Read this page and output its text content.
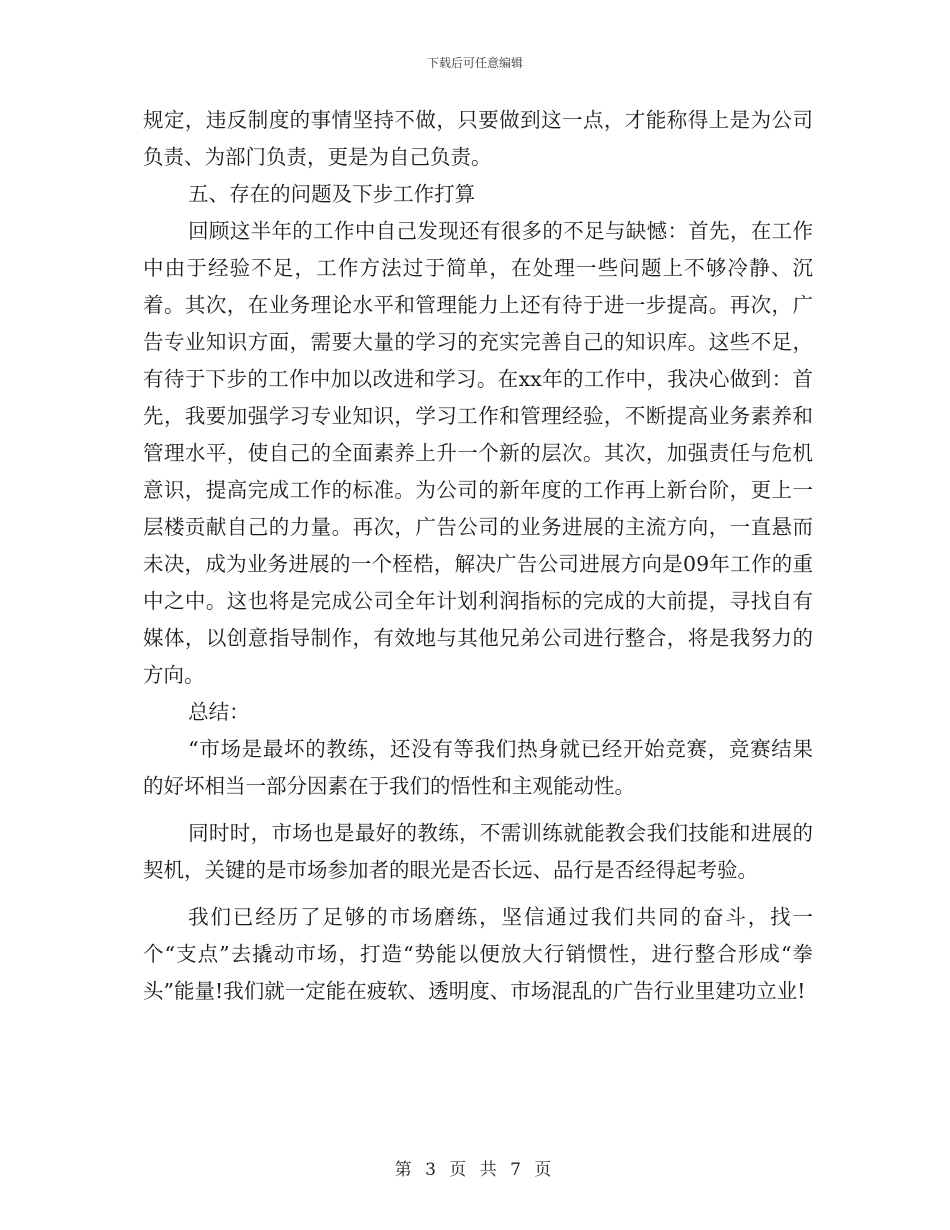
下载后可任意编辑

规定，违反制度的事情坚持不做，只要做到这一点，才能称得上是为公司负责、为部门负责，更是为自己负责。

五、存在的问题及下步工作打算

回顾这半年的工作中自己发现还有很多的不足与缺憾：首先，在工作中由于经验不足，工作方法过于简单，在处理一些问题上不够冷静、沉着。其次，在业务理论水平和管理能力上还有待于进一步提高。再次，广告专业知识方面，需要大量的学习的充实完善自己的知识库。这些不足，有待于下步的工作中加以改进和学习。在xx年的工作中，我决心做到：首先，我要加强学习专业知识，学习工作和管理经验，不断提高业务素养和管理水平，使自己的全面素养上升一个新的层次。其次，加强责任与危机意识，提高完成工作的标准。为公司的新年度的工作再上新台阶，更上一层楼贡献自己的力量。再次，广告公司的业务进展的主流方向，一直悬而未决，成为业务进展的一个桎梏，解决广告公司进展方向是09年工作的重中之中。这也将是完成公司全年计划利润指标的完成的大前提，寻找自有媒体，以创意指导制作，有效地与其他兄弟公司进行整合，将是我努力的方向。

总结：

“市场是最坏的教练，还没有等我们热身就已经开始竞赛，竞赛结果的好坏相当一部分因素在于我们的悟性和主观能动性。

同时时，市场也是最好的教练，不需训练就能教会我们技能和进展的契机，关键的是市场参加者的眼光是否长远、品行是否经得起考验。

我们已经历了足够的市场磨练，坚信通过我们共同的奋斗，找一个“支点”去撬动市场，打造“势能以便放大行销惯性，进行整合形成“拳头”能量!我们就一定能在疲软、透明度、市场混乱的广告行业里建功立业!

第 3 页 共 7 页
